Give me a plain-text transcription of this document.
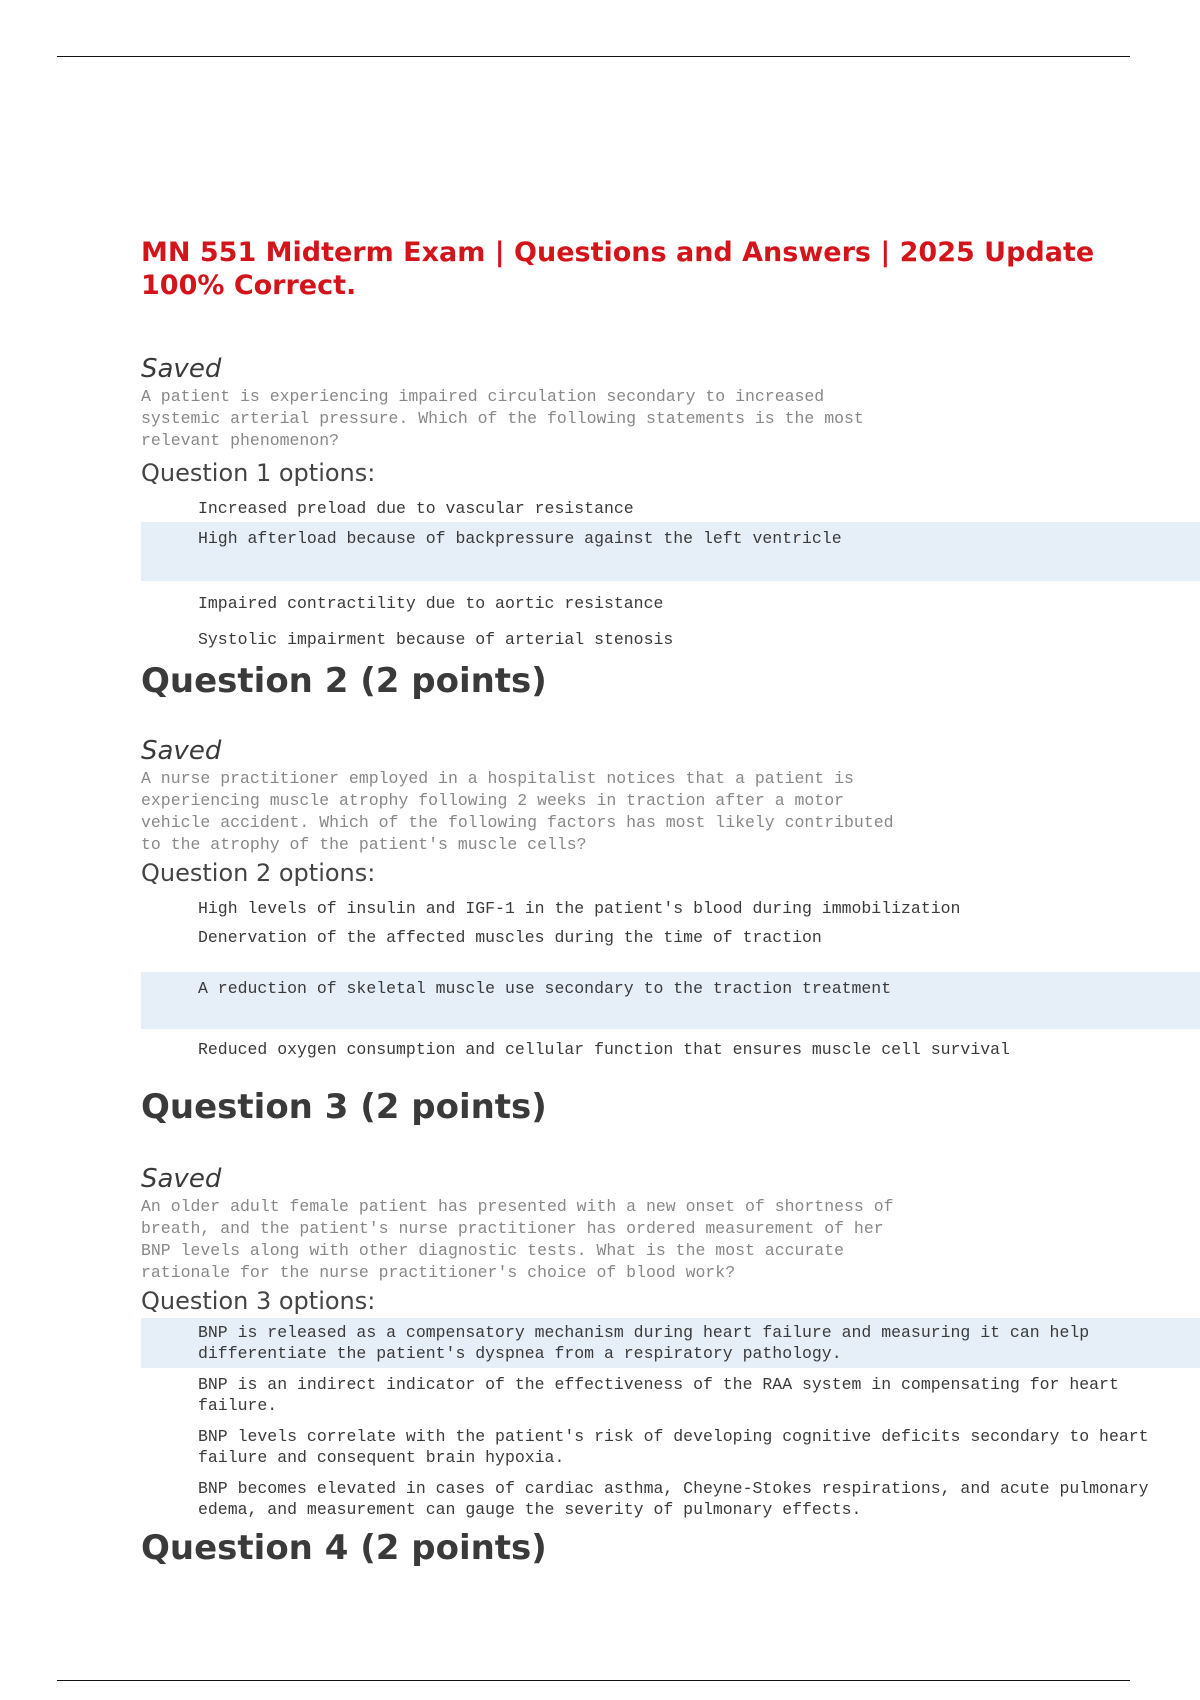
MN 551 Midterm Exam | Questions and Answers | 2025 Update 100% Correct.

Saved

A patient is experiencing impaired circulation secondary to increased
systemic arterial pressure. Which of the following statements is the most
relevant phenomenon?

Question 1 options:

Increased preload due to vascular resistance
High afterload because of backpressure against the left ventricle
Impaired contractility due to aortic resistance
Systolic impairment because of arterial stenosis
Question 2 (2 points)

Saved

A nurse practitioner employed in a hospitalist notices that a patient is
experiencing muscle atrophy following 2 weeks in traction after a motor
vehicle accident. Which of the following factors has most likely contributed
to the atrophy of the patient's muscle cells?

Question 2 options:

High levels of insulin and IGF-1 in the patient's blood during immobilization
Denervation of the affected muscles during the time of traction
A reduction of skeletal muscle use secondary to the traction treatment
Reduced oxygen consumption and cellular function that ensures muscle cell survival
Question 3 (2 points)

Saved

An older adult female patient has presented with a new onset of shortness of
breath, and the patient's nurse practitioner has ordered measurement of her
BNP levels along with other diagnostic tests. What is the most accurate
rationale for the nurse practitioner's choice of blood work?

Question 3 options:

BNP is released as a compensatory mechanism during heart failure and measuring it can help differentiate the patient's dyspnea from a respiratory pathology.
BNP is an indirect indicator of the effectiveness of the RAA system in compensating for heart failure.
BNP levels correlate with the patient's risk of developing cognitive deficits secondary to heart failure and consequent brain hypoxia.
BNP becomes elevated in cases of cardiac asthma, Cheyne-Stokes respirations, and acute pulmonary edema, and measurement can gauge the severity of pulmonary effects.
Question 4 (2 points)
